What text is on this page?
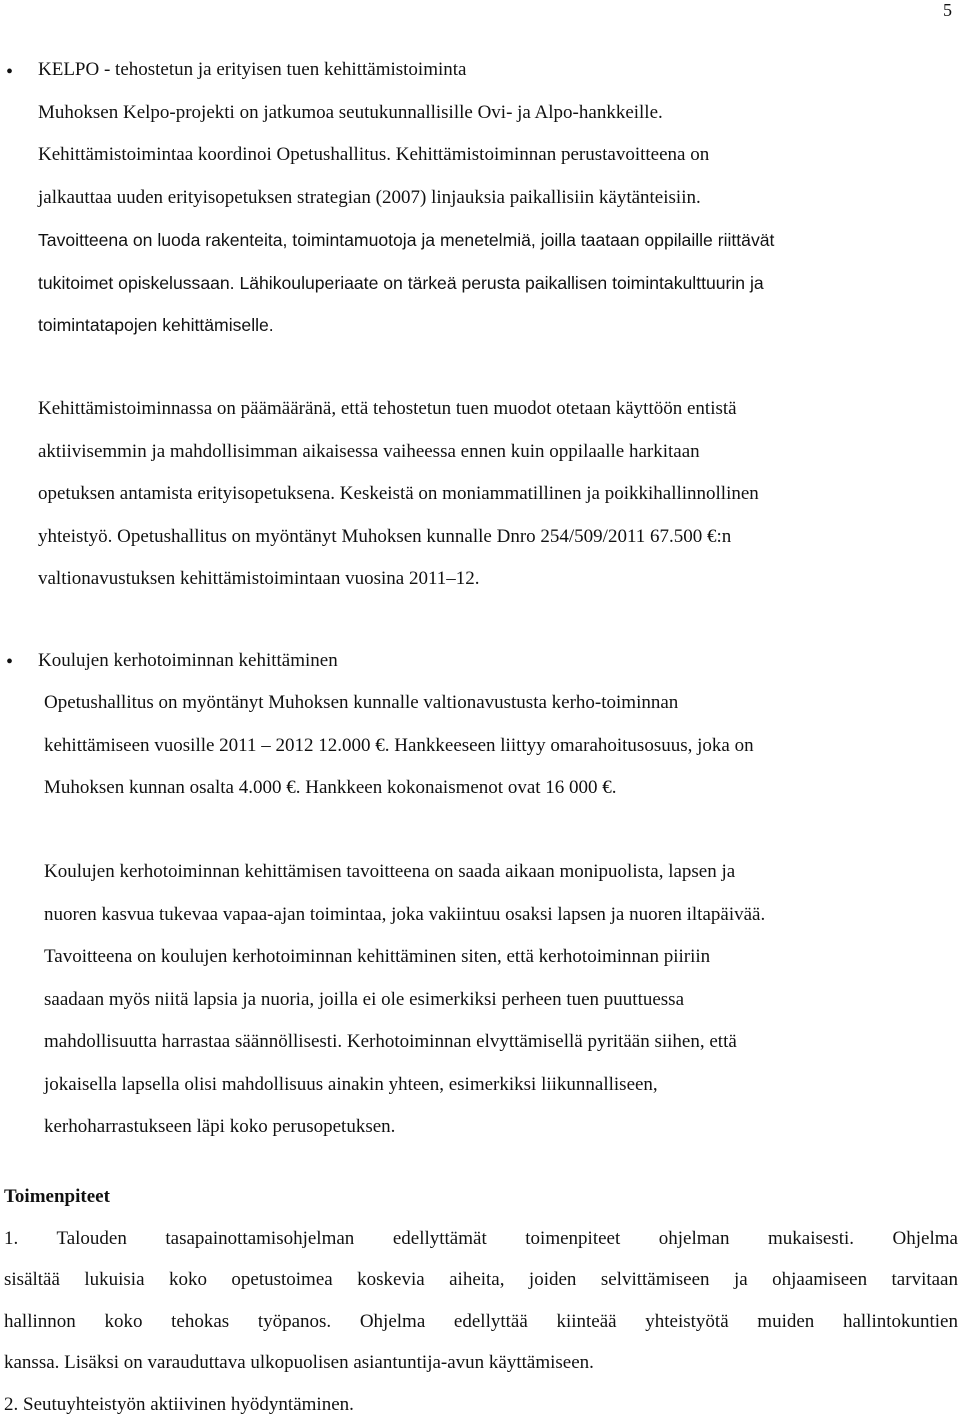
5
• KELPO - tehostetun ja erityisen tuen kehittämistoiminta
Muhoksen Kelpo-projekti on jatkumoa seutukunnallisille Ovi- ja Alpo-hankkeille.
Kehittämistoimintaa koordinoi Opetushallitus. Kehittämistoiminnan perustavoitteena on
jalkauttaa uuden erityisopetuksen strategian (2007) linjauksia paikallisiin käytänteisiin.
Tavoitteena on luoda rakenteita, toimintamuotoja ja menetelmiä, joilla taataan oppilaille riittävät
tukitoimet opiskelussaan. Lähikouluperiaate on tärkeä perusta paikallisen toimintakulttuurin ja
toimintatapojen kehittämiselle.
Kehittämistoiminnassa on päämääränä, että tehostetun tuen muodot otetaan käyttöön entistä
aktiivisemmin ja mahdollisimman aikaisessa vaiheessa ennen kuin oppilaalle harkitaan
opetuksen antamista erityisopetuksena. Keskeistä on moniammatillinen ja poikkihallinnollinen
yhteistyö. Opetushallitus on myöntänyt Muhoksen kunnalle Dnro 254/509/2011 67.500 €:n
valtionavustuksen kehittämistoimintaan vuosina 2011–12.
• Koulujen kerhotoiminnan kehittäminen
Opetushallitus on myöntänyt Muhoksen kunnalle valtionavustusta kerho-toiminnan
kehittämiseen vuosille 2011 – 2012 12.000 €. Hankkeeseen liittyy omarahoitusosuus, joka on
Muhoksen kunnan osalta 4.000 €. Hankkeen kokonaismenot ovat 16 000 €.
Koulujen kerhotoiminnan kehittämisen tavoitteena on saada aikaan monipuolista, lapsen ja
nuoren kasvua tukevaa vapaa-ajan toimintaa, joka vakiintuu osaksi lapsen ja nuoren iltapäivää.
Tavoitteena on koulujen kerhotoiminnan kehittäminen siten, että kerhotoiminnan piiriin
saadaan myös niitä lapsia ja nuoria, joilla ei ole esimerkiksi perheen tuen puuttuessa
mahdollisuutta harrastaa säännöllisesti. Kerhotoiminnan elvyttämisellä pyritään siihen, että
jokaisella lapsella olisi mahdollisuus ainakin yhteen, esimerkiksi liikunnalliseen,
kerhoharrastukseen läpi koko perusopetuksen.
Toimenpiteet
1. Talouden tasapainottamisohjelman edellyttämät toimenpiteet ohjelman mukaisesti. Ohjelma
sisältää lukuisia koko opetustoimea koskevia aiheita, joiden selvittämiseen ja ohjaamiseen tarvitaan
hallinnon koko tehokas työpanos. Ohjelma edellyttää kiinteää yhteistyötä muiden hallintokuntien
kanssa. Lisäksi on varauduttava ulkopuolisen asiantuntija-avun käyttämiseen.
2. Seutuyhteistyön aktiivinen hyödyntäminen.
